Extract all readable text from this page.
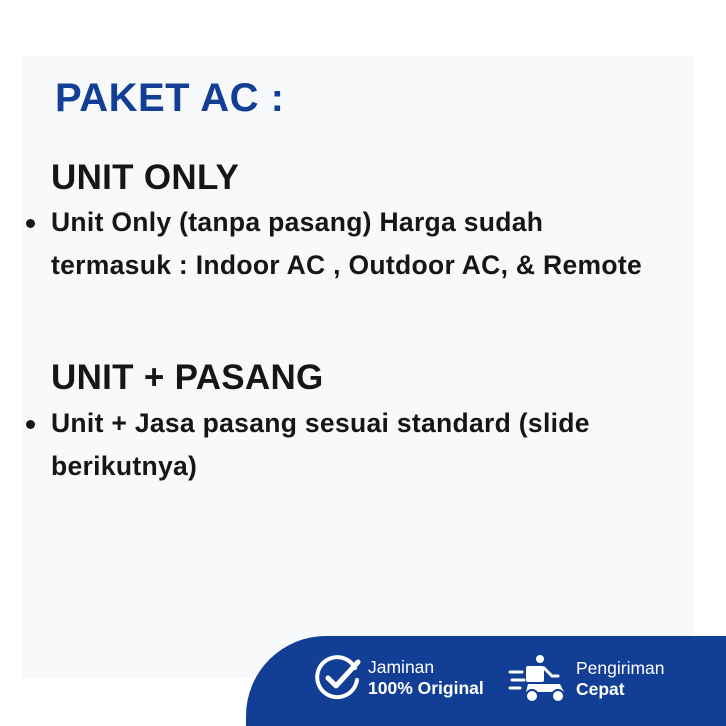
PAKET AC :
UNIT ONLY
Unit Only (tanpa pasang) Harga sudah termasuk : Indoor AC , Outdoor AC, & Remote
UNIT + PASANG
Unit + Jasa pasang sesuai standard (slide berikutnya)
Jaminan
100% Original
Pengiriman
Cepat
